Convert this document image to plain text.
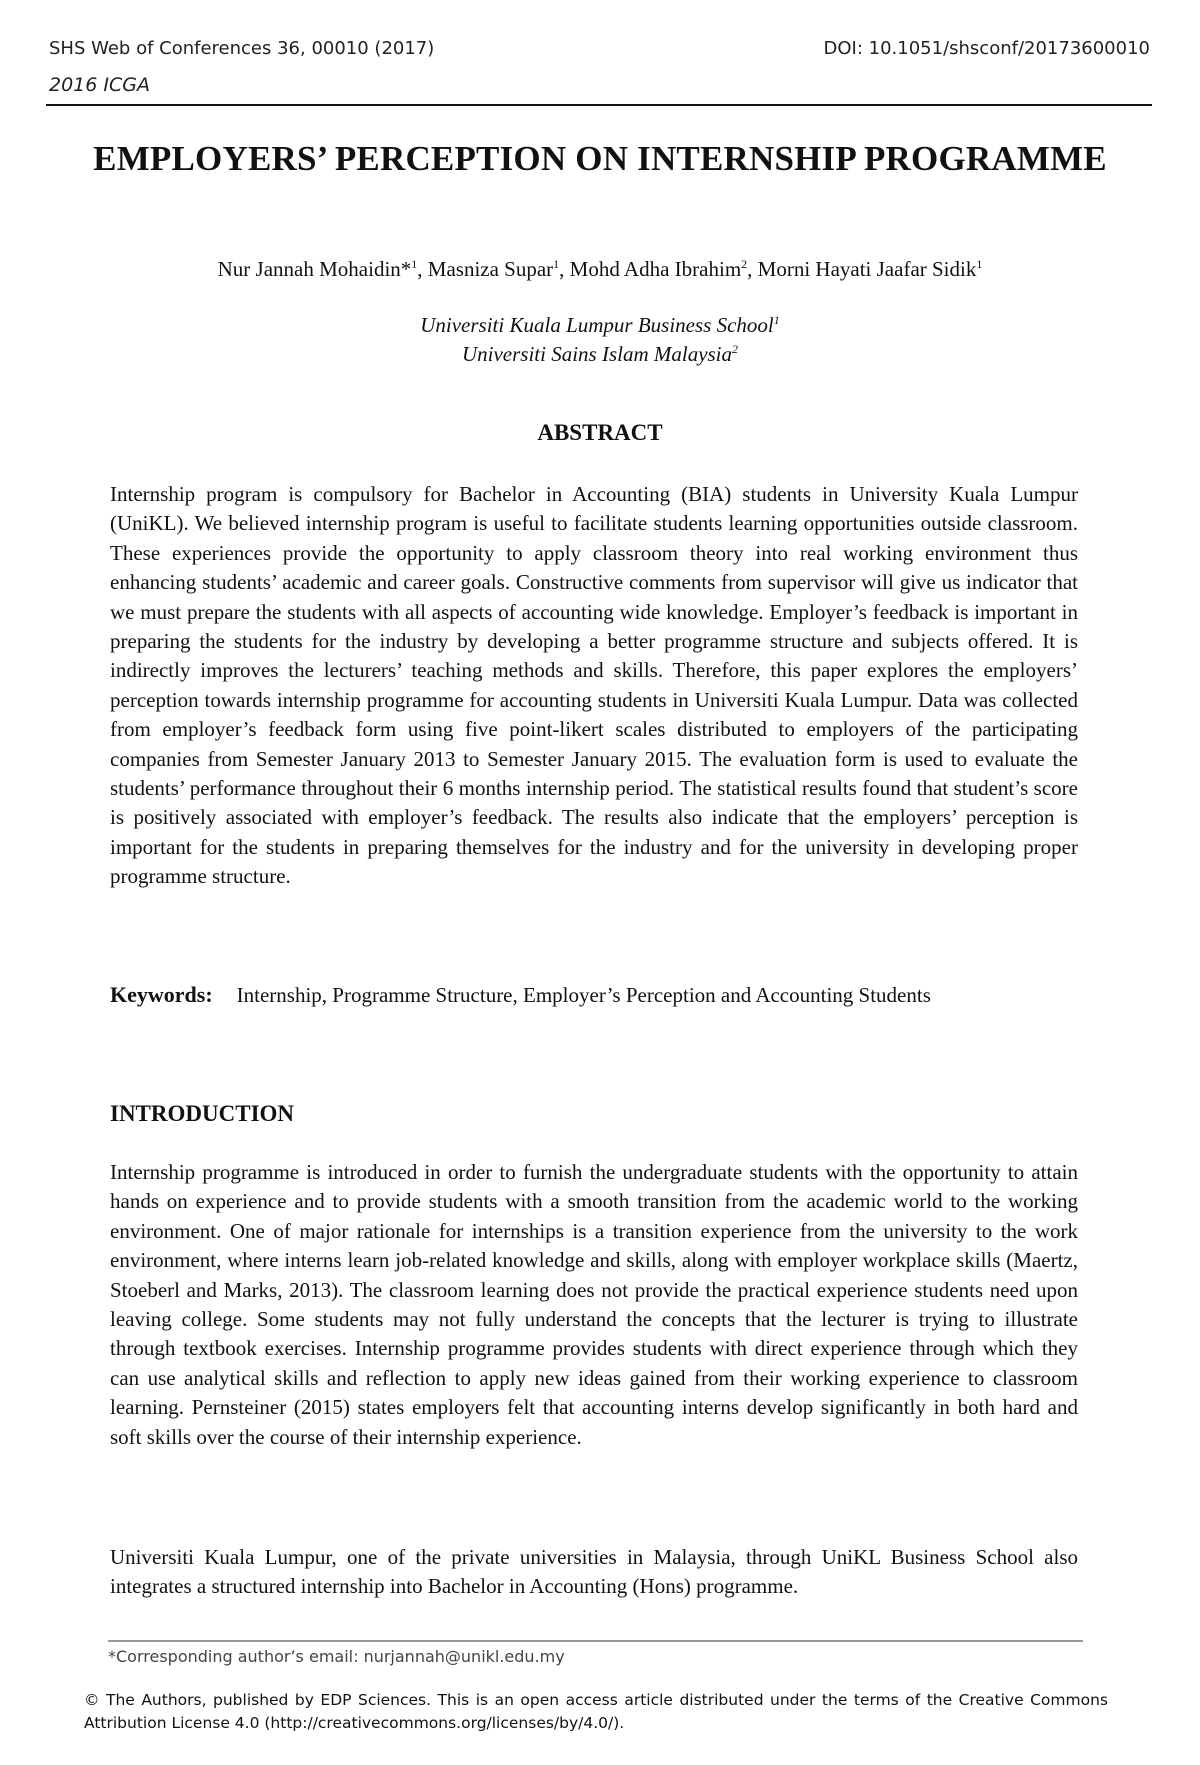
SHS Web of Conferences 36, 00010 (2017)	DOI: 10.1051/shsconf/20173600010
2016 ICGA
EMPLOYERS’ PERCEPTION ON INTERNSHIP PROGRAMME
Nur Jannah Mohaidin*$^1$, Masniza Supar$^1$, Mohd Adha Ibrahim$^2$, Morni Hayati Jaafar Sidik$^1$
Universiti Kuala Lumpur Business School$^1$
Universiti Sains Islam Malaysia$^2$
ABSTRACT

Internship program is compulsory for Bachelor in Accounting (BIA) students in University Kuala Lumpur (UniKL). We believed internship program is useful to facilitate students learning opportunities outside classroom. These experiences provide the opportunity to apply classroom theory into real working environment thus enhancing students’ academic and career goals. Constructive comments from supervisor will give us indicator that we must prepare the students with all aspects of accounting wide knowledge. Employer’s feedback is important in preparing the students for the industry by developing a better programme structure and subjects offered. It is indirectly improves the lecturers’ teaching methods and skills. Therefore, this paper explores the employers’ perception towards internship programme for accounting students in Universiti Kuala Lumpur. Data was collected from employer’s feedback form using five point-likert scales distributed to employers of the participating companies from Semester January 2013 to Semester January 2015. The evaluation form is used to evaluate the students’ performance throughout their 6 months internship period. The statistical results found that student’s score is positively associated with employer’s feedback. The results also indicate that the employers’ perception is important for the students in preparing themselves for the industry and for the university in developing proper programme structure.

Keywords: Internship, Programme Structure, Employer’s Perception and Accounting Students

INTRODUCTION

Internship programme is introduced in order to furnish the undergraduate students with the opportunity to attain hands on experience and to provide students with a smooth transition from the academic world to the working environment. One of major rationale for internships is a transition experience from the university to the work environment, where interns learn job-related knowledge and skills, along with employer workplace skills (Maertz, Stoeberl and Marks, 2013). The classroom learning does not provide the practical experience students need upon leaving college. Some students may not fully understand the concepts that the lecturer is trying to illustrate through textbook exercises. Internship programme provides students with direct experience through which they can use analytical skills and reflection to apply new ideas gained from their working experience to classroom learning. Pernsteiner (2015) states employers felt that accounting interns develop significantly in both hard and soft skills over the course of their internship experience.

Universiti Kuala Lumpur, one of the private universities in Malaysia, through UniKL Business School also integrates a structured internship into Bachelor in Accounting (Hons) programme.

*Corresponding author’s email: nurjannah@unikl.edu.my
© The Authors, published by EDP Sciences. This is an open access article distributed under the terms of the Creative Commons Attribution License 4.0 (http://creativecommons.org/licenses/by/4.0/).
